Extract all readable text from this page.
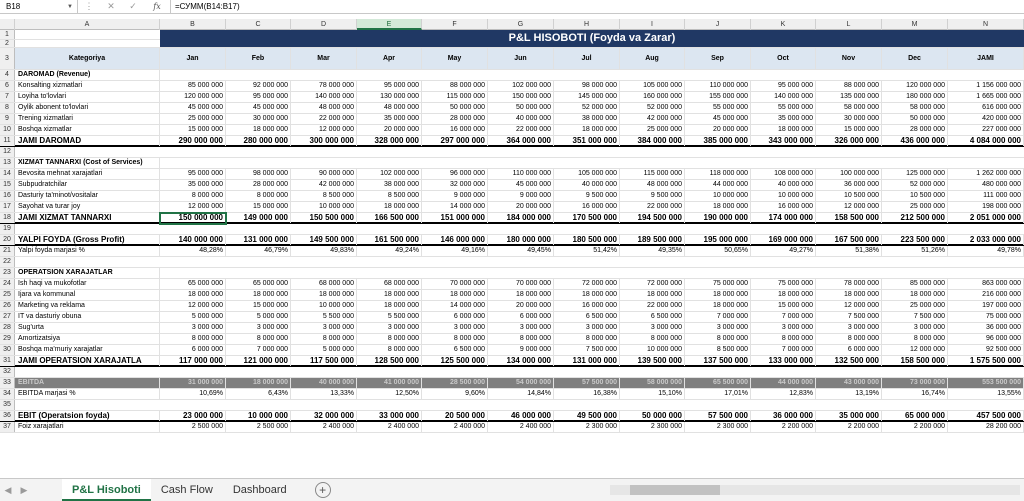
B18	▼	⋮	✕	✓	fx	=СУММ(B14:B17)
A	B	C	D	E	F	G	H	I	J	K	L	M	N
1	P&L HISOBOTI (Foyda va Zarar)
2
3	Kategoriya	Jan	Feb	Mar	Apr	May	Jun	Jul	Aug	Sep	Oct	Nov	Dec	JAMI
4	DAROMAD (Revenue)
6	Konsalting xizmatlari	85 000 000	92 000 000	78 000 000	95 000 000	88 000 000	102 000 000	98 000 000	105 000 000	110 000 000	95 000 000	88 000 000	120 000 000	1 156 000 000
7	Loyiha to'lovlari	120 000 000	95 000 000	140 000 000	130 000 000	115 000 000	150 000 000	145 000 000	160 000 000	155 000 000	140 000 000	135 000 000	180 000 000	1 665 000 000
8	Oylik abonent to'lovlari	45 000 000	45 000 000	48 000 000	48 000 000	50 000 000	50 000 000	52 000 000	52 000 000	55 000 000	55 000 000	58 000 000	58 000 000	616 000 000
9	Trening xizmatlari	25 000 000	30 000 000	22 000 000	35 000 000	28 000 000	40 000 000	38 000 000	42 000 000	45 000 000	35 000 000	30 000 000	50 000 000	420 000 000
10	Boshqa xizmatlar	15 000 000	18 000 000	12 000 000	20 000 000	16 000 000	22 000 000	18 000 000	25 000 000	20 000 000	18 000 000	15 000 000	28 000 000	227 000 000
11 JAMI DAROMAD	290 000 000	280 000 000	300 000 000	328 000 000	297 000 000	364 000 000	351 000 000	384 000 000	385 000 000	343 000 000	326 000 000	436 000 000	4 084 000 000
12
13	XIZMAT TANNARXI (Cost of Services)
14	Bevosita mehnat xarajatlari	95 000 000	98 000 000	90 000 000	102 000 000	96 000 000	110 000 000	105 000 000	115 000 000	118 000 000	108 000 000	100 000 000	125 000 000	1 262 000 000
15	Subpudratchilar	35 000 000	28 000 000	42 000 000	38 000 000	32 000 000	45 000 000	40 000 000	48 000 000	44 000 000	40 000 000	36 000 000	52 000 000	480 000 000
16	Dasturiy ta'minot/vositalar	8 000 000	8 000 000	8 500 000	8 500 000	9 000 000	9 000 000	9 500 000	9 500 000	10 000 000	10 000 000	10 500 000	10 500 000	111 000 000
17	Sayohat va turar joy	12 000 000	15 000 000	10 000 000	18 000 000	14 000 000	20 000 000	16 000 000	22 000 000	18 000 000	16 000 000	12 000 000	25 000 000	198 000 000
18 JAMI XIZMAT TANNARXI	150 000 000	149 000 000	150 500 000	166 500 000	151 000 000	184 000 000	170 500 000	194 500 000	190 000 000	174 000 000	158 500 000	212 500 000	2 051 000 000
19
20 YALPI FOYDA (Gross Profit)	140 000 000	131 000 000	149 500 000	161 500 000	146 000 000	180 000 000	180 500 000	189 500 000	195 000 000	169 000 000	167 500 000	223 500 000	2 033 000 000
21	Yalpi foyda marjasi %	48,28%	46,79%	49,83%	49,24%	49,16%	49,45%	51,42%	49,35%	50,65%	49,27%	51,38%	51,26%	49,78%
22
23	OPERATSION XARAJATLAR
24	Ish haqi va mukofotlar	65 000 000	65 000 000	68 000 000	68 000 000	70 000 000	70 000 000	72 000 000	72 000 000	75 000 000	75 000 000	78 000 000	85 000 000	863 000 000
25	Ijara va kommunal	18 000 000	18 000 000	18 000 000	18 000 000	18 000 000	18 000 000	18 000 000	18 000 000	18 000 000	18 000 000	18 000 000	18 000 000	216 000 000
26	Marketing va reklama	12 000 000	15 000 000	10 000 000	18 000 000	14 000 000	20 000 000	16 000 000	22 000 000	18 000 000	15 000 000	12 000 000	25 000 000	197 000 000
27	IT va dasturiy obuna	5 000 000	5 000 000	5 500 000	5 500 000	6 000 000	6 000 000	6 500 000	6 500 000	7 000 000	7 000 000	7 500 000	7 500 000	75 000 000
28	Sug'urta	3 000 000	3 000 000	3 000 000	3 000 000	3 000 000	3 000 000	3 000 000	3 000 000	3 000 000	3 000 000	3 000 000	3 000 000	36 000 000
29	Amortizatsiya	8 000 000	8 000 000	8 000 000	8 000 000	8 000 000	8 000 000	8 000 000	8 000 000	8 000 000	8 000 000	8 000 000	8 000 000	96 000 000
30	Boshqa ma'muriy xarajatlar	6 000 000	7 000 000	5 000 000	8 000 000	6 500 000	9 000 000	7 500 000	10 000 000	8 500 000	7 000 000	6 000 000	12 000 000	92 500 000
31 JAMI OPERATSION XARAJATLA	117 000 000	121 000 000	117 500 000	128 500 000	125 500 000	134 000 000	131 000 000	139 500 000	137 500 000	133 000 000	132 500 000	158 500 000	1 575 500 000
32
33	EBITDA	31 000 000	18 000 000	40 000 000	41 000 000	28 500 000	54 000 000	57 500 000	58 000 000	65 500 000	44 000 000	43 000 000	73 000 000	553 500 000
34	EBITDA marjasi %	10,69%	6,43%	13,33%	12,50%	9,60%	14,84%	16,38%	15,10%	17,01%	12,83%	13,19%	16,74%	13,55%
35
36 EBIT (Operatsion foyda)	23 000 000	10 000 000	32 000 000	33 000 000	20 500 000	46 000 000	49 500 000	50 000 000	57 500 000	36 000 000	35 000 000	65 000 000	457 500 000
37	Foiz xarajatlari	2 500 000	2 500 000	2 400 000	2 400 000	2 400 000	2 400 000	2 300 000	2 300 000	2 300 000	2 200 000	2 200 000	2 200 000	28 200 000
◀	▶	P&L Hisoboti	Cash Flow	Dashboard	+
